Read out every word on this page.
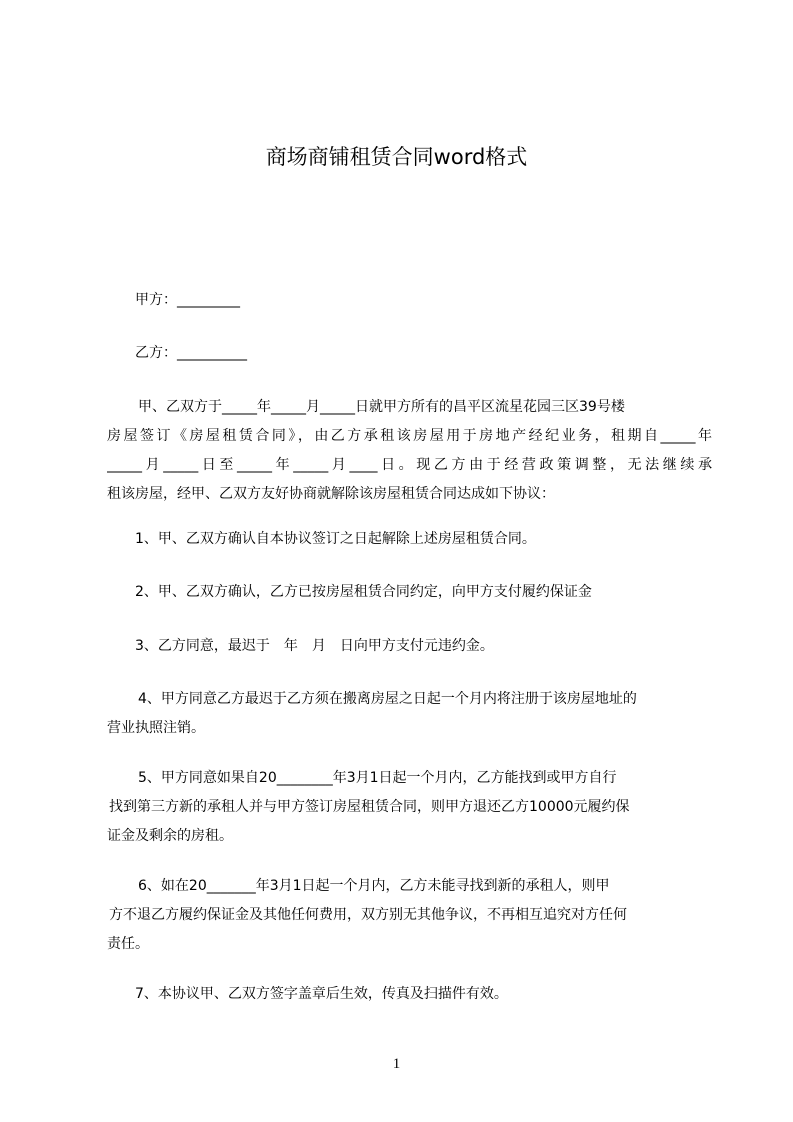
商场商铺租赁合同word格式

甲方：_________

乙方：__________

甲、乙双方于_____年_____月_____日就甲方所有的昌平区流星花园三区39号楼
房屋签订《房屋租赁合同》，由乙方承租该房屋用于房地产经纪业务，租期自_____年
_____月_____日至_____年_____月____日。现乙方由于经营政策调整，无法继续承
租该房屋，经甲、乙双方友好协商就解除该房屋租赁合同达成如下协议：

1、甲、乙双方确认自本协议签订之日起解除上述房屋租赁合同。

2、甲、乙双方确认，乙方已按房屋租赁合同约定，向甲方支付履约保证金

3、乙方同意，最迟于　年　月　日向甲方支付元违约金。

4、甲方同意乙方最迟于乙方须在搬离房屋之日起一个月内将注册于该房屋地址的
营业执照注销。
5、甲方同意如果自20________年3月1日起一个月内，乙方能找到或甲方自行
找到第三方新的承租人并与甲方签订房屋租赁合同，则甲方退还乙方10000元履约保
证金及剩余的房租。
6、如在20_______年3月1日起一个月内，乙方未能寻找到新的承租人，则甲
方不退乙方履约保证金及其他任何费用，双方别无其他争议，不再相互追究对方任何
责任。

7、本协议甲、乙双方签字盖章后生效，传真及扫描件有效。

1
